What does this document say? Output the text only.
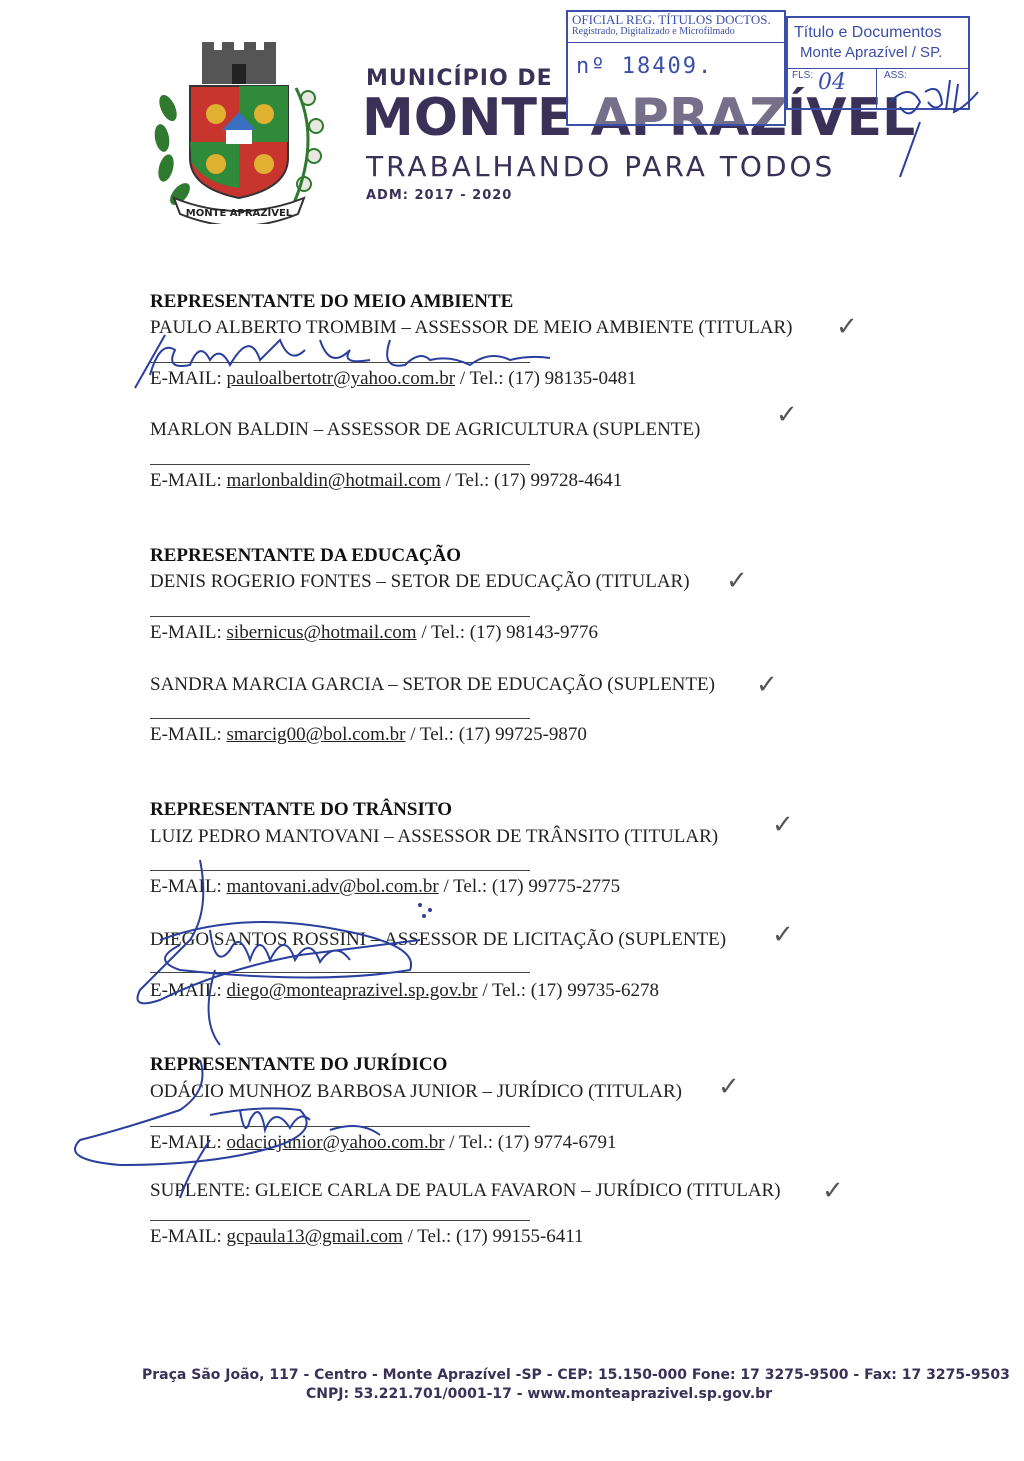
MONTE APRAZÍVEL
MUNICÍPIO DE
MONTE APRAZÍVEL
TRABALHANDO PARA TODOS
ADM: 2017 - 2020
OFICIAL REG. TÍTULOS DOCTOS.
Registrado, Digitalizado e Microfilmado
nº 18409.
Título e Documentos
Monte Aprazível / SP.
FLS: 04	ASS:
REPRESENTANTE DO MEIO AMBIENTE
PAULO ALBERTO TROMBIM – ASSESSOR DE MEIO AMBIENTE (TITULAR) ✓
E-MAIL: pauloalbertotr@yahoo.com.br / Tel.: (17) 98135-0481
MARLON BALDIN – ASSESSOR DE AGRICULTURA (SUPLENTE)	✓
E-MAIL: marlonbaldin@hotmail.com / Tel.: (17) 99728-4641
REPRESENTANTE DA EDUCAÇÃO
DENIS ROGERIO FONTES – SETOR DE EDUCAÇÃO (TITULAR) ✓
E-MAIL: sibernicus@hotmail.com / Tel.: (17) 98143-9776
SANDRA MARCIA GARCIA – SETOR DE EDUCAÇÃO (SUPLENTE) ✓
E-MAIL: smarcig00@bol.com.br / Tel.: (17) 99725-9870
REPRESENTANTE DO TRÂNSITO
LUIZ PEDRO MANTOVANI – ASSESSOR DE TRÂNSITO (TITULAR) ✓
E-MAIL: mantovani.adv@bol.com.br / Tel.: (17) 99775-2775
DIEGO SANTOS ROSSINI – ASSESSOR DE LICITAÇÃO (SUPLENTE) ✓
E-MAIL: diego@monteaprazivel.sp.gov.br / Tel.: (17) 99735-6278
REPRESENTANTE DO JURÍDICO
ODÁCIO MUNHOZ BARBOSA JUNIOR – JURÍDICO (TITULAR) ✓
E-MAIL: odaciojunior@yahoo.com.br / Tel.: (17) 9774-6791
SUPLENTE: GLEICE CARLA DE PAULA FAVARON – JURÍDICO (TITULAR) ✓
E-MAIL: gcpaula13@gmail.com / Tel.: (17) 99155-6411
Praça São João, 117 - Centro - Monte Aprazível -SP - CEP: 15.150-000 Fone: 17 3275-9500 - Fax: 17 3275-9503
CNPJ: 53.221.701/0001-17 - www.monteaprazivel.sp.gov.br
